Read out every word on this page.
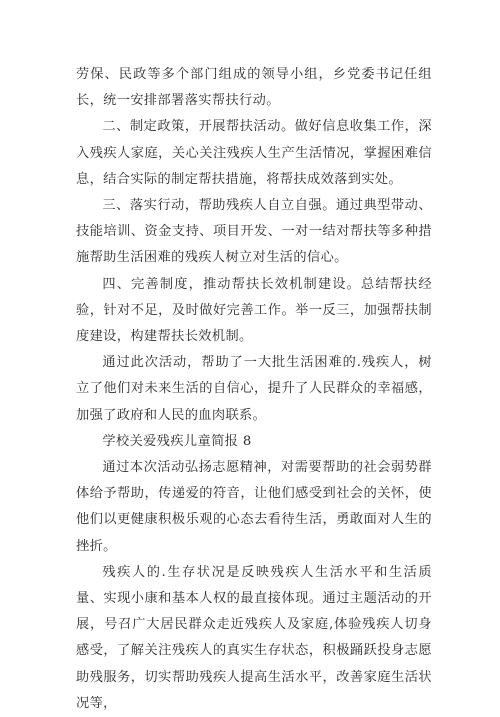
劳保、民政等多个部门组成的领导小组，乡党委书记任组长，统一安排部署落实帮扶行动。

二、制定政策，开展帮扶活动。做好信息收集工作，深入残疾人家庭，关心关注残疾人生产生活情况，掌握困难信息，结合实际的制定帮扶措施，将帮扶成效落到实处。

三、落实行动，帮助残疾人自立自强。通过典型带动、技能培训、资金支持、项目开发、一对一结对帮扶等多种措施帮助生活困难的残疾人树立对生活的信心。

四、完善制度，推动帮扶长效机制建设。总结帮扶经验，针对不足，及时做好完善工作。举一反三，加强帮扶制度建设，构建帮扶长效机制。

通过此次活动，帮助了一大批生活困难的.残疾人，树立了他们对未来生活的自信心，提升了人民群众的幸福感，加强了政府和人民的血肉联系。

学校关爱残疾儿童简报 8

通过本次活动弘扬志愿精神，对需要帮助的社会弱势群体给予帮助，传递爱的符音，让他们感受到社会的关怀，使他们以更健康积极乐观的心态去看待生活，勇敢面对人生的挫折。

残疾人的.生存状况是反映残疾人生活水平和生活质量、实现小康和基本人权的最直接体现。通过主题活动的开展，号召广大居民群众走近残疾人及家庭,体验残疾人切身感受，了解关注残疾人的真实生存状态，积极踊跃投身志愿助残服务，切实帮助残疾人提高生活水平，改善家庭生活状况等，
